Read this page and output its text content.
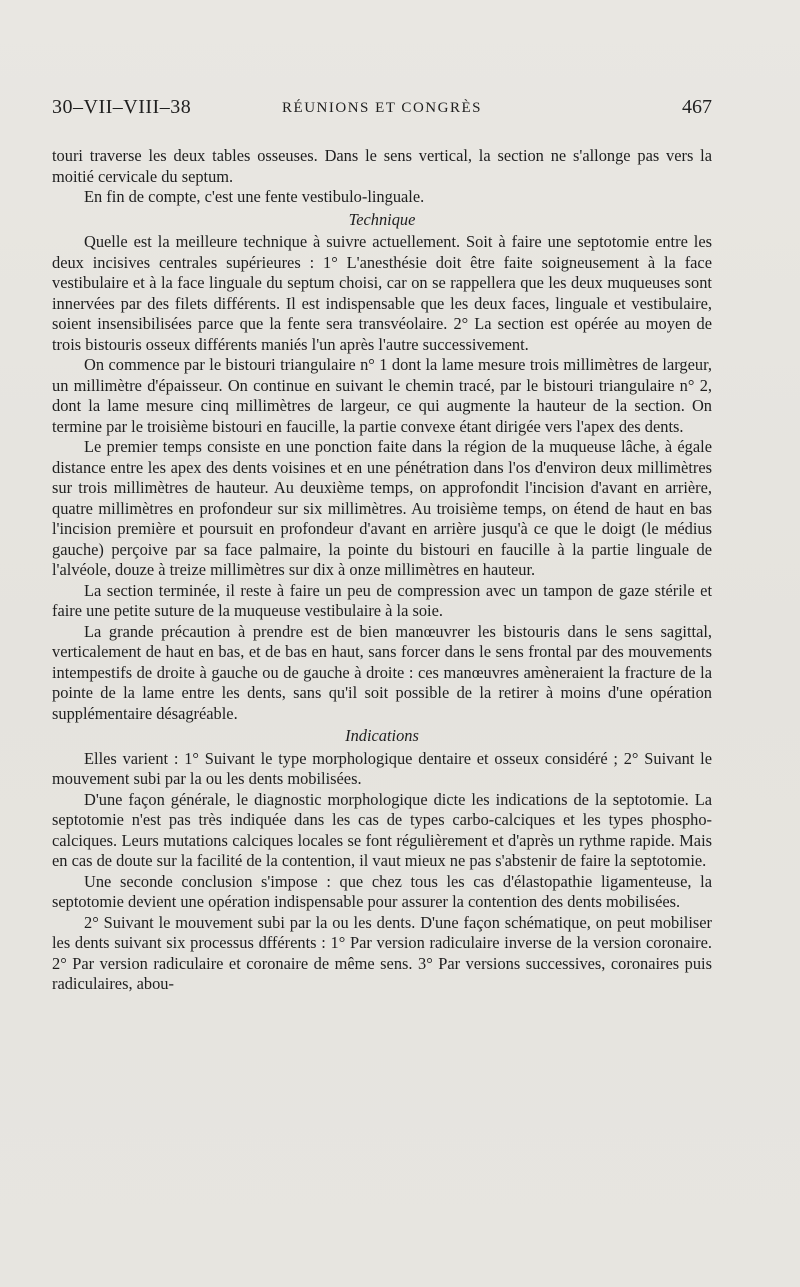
30–VII–VIII–38	RÉUNIONS ET CONGRÈS	467

touri traverse les deux tables osseuses. Dans le sens vertical, la section ne s'allonge pas vers la moitié cervicale du septum.

En fin de compte, c'est une fente vestibulo-linguale.

Technique

Quelle est la meilleure technique à suivre actuellement. Soit à faire une septotomie entre les deux incisives centrales supérieures : 1° L'anesthésie doit être faite soigneusement à la face vestibulaire et à la face linguale du septum choisi, car on se rappellera que les deux muqueuses sont innervées par des filets différents. Il est indispensable que les deux faces, linguale et vestibulaire, soient insensibilisées parce que la fente sera transvéolaire. 2° La section est opérée au moyen de trois bistouris osseux différents maniés l'un après l'autre successivement.

On commence par le bistouri triangulaire n° 1 dont la lame mesure trois millimètres de largeur, un millimètre d'épaisseur. On continue en suivant le chemin tracé, par le bistouri triangulaire n° 2, dont la lame mesure cinq millimètres de largeur, ce qui augmente la hauteur de la section. On termine par le troisième bistouri en faucille, la partie convexe étant dirigée vers l'apex des dents.

Le premier temps consiste en une ponction faite dans la région de la muqueuse lâche, à égale distance entre les apex des dents voisines et en une pénétration dans l'os d'environ deux millimètres sur trois millimètres de hauteur. Au deuxième temps, on approfondit l'incision d'avant en arrière, quatre millimètres en profondeur sur six millimètres. Au troisième temps, on étend de haut en bas l'incision première et poursuit en profondeur d'avant en arrière jusqu'à ce que le doigt (le médius gauche) perçoive par sa face palmaire, la pointe du bistouri en faucille à la partie linguale de l'alvéole, douze à treize millimètres sur dix à onze millimètres en hauteur.

La section terminée, il reste à faire un peu de compression avec un tampon de gaze stérile et faire une petite suture de la muqueuse vestibulaire à la soie.

La grande précaution à prendre est de bien manœuvrer les bistouris dans le sens sagittal, verticalement de haut en bas, et de bas en haut, sans forcer dans le sens frontal par des mouvements intempestifs de droite à gauche ou de gauche à droite : ces manœuvres amèneraient la fracture de la pointe de la lame entre les dents, sans qu'il soit possible de la retirer à moins d'une opération supplémentaire désagréable.

Indications

Elles varient : 1° Suivant le type morphologique dentaire et osseux considéré ; 2° Suivant le mouvement subi par la ou les dents mobilisées.

D'une façon générale, le diagnostic morphologique dicte les indications de la septotomie. La septotomie n'est pas très indiquée dans les cas de types carbo-calciques et les types phospho-calciques. Leurs mutations calciques locales se font régulièrement et d'après un rythme rapide. Mais en cas de doute sur la facilité de la contention, il vaut mieux ne pas s'abstenir de faire la septotomie.

Une seconde conclusion s'impose : que chez tous les cas d'élastopathie ligamenteuse, la septotomie devient une opération indispensable pour assurer la contention des dents mobilisées.

2° Suivant le mouvement subi par la ou les dents. D'une façon schématique, on peut mobiliser les dents suivant six processus dfférents : 1° Par version radiculaire inverse de la version coronaire. 2° Par version radiculaire et coronaire de même sens. 3° Par versions successives, coronaires puis radiculaires, abou-
